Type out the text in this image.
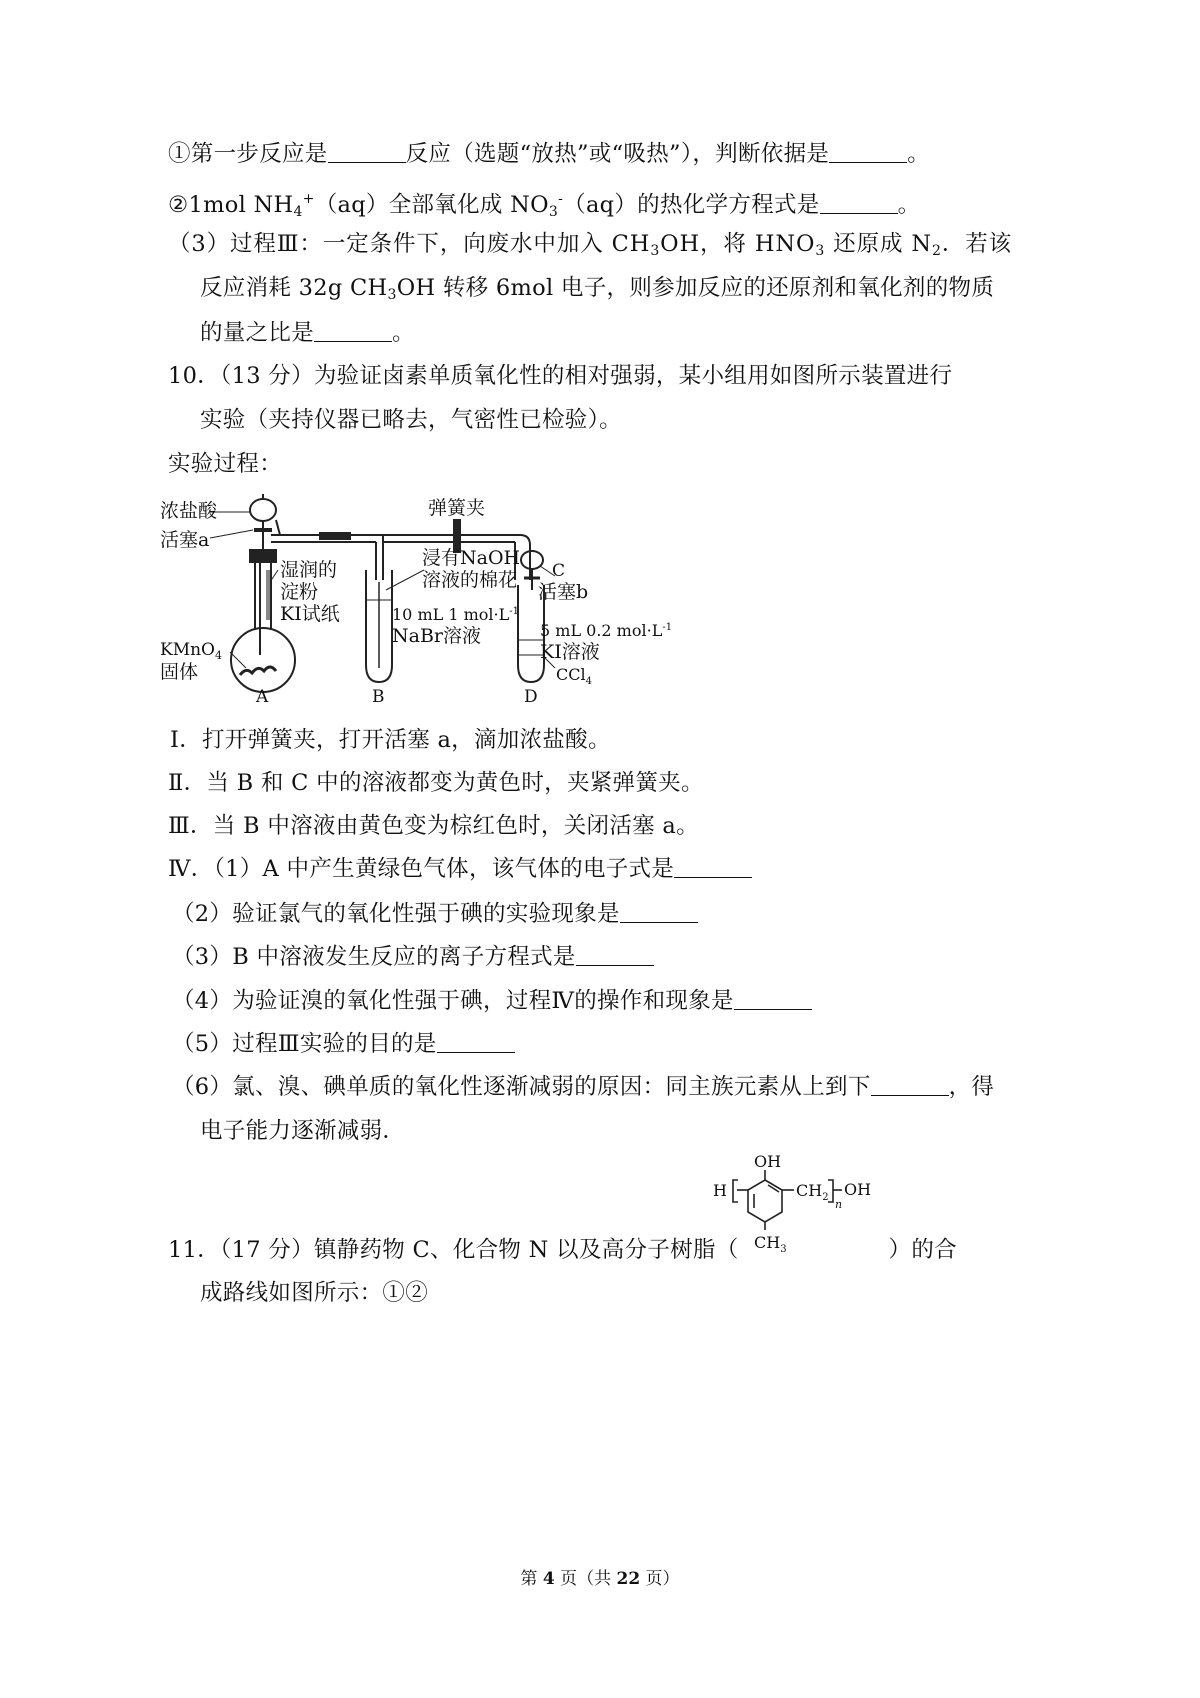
①第一步反应是	反应（选题“放热”或“吸热”），判断依据是	。
②1mol $NH_4^+(aq)$全部氧化成 $NO_3^-(aq)$的热化学方程式是	。
（3）过程Ⅲ：一定条件下，向废水中加入 $CH_3OH$，将 $HNO_3$ 还原成 $N_2$．若该
反应消耗 32g $CH_3OH$ 转移 6mol 电子，则参加反应的还原剂和氧化剂的物质
的量之比是	。
10．（13 分）为验证卤素单质氧化性的相对强弱，某小组用如图所示装置进行
实验（夹持仪器已略去，气密性已检验）。
实验过程：
浓盐酸
活塞a
湿润的
淀粉
KI试纸
KMnO$_4$
固体
A
弹簧夹
浸有NaOH
溶液的棉花 C
活塞b
10 mL 1 $mol\cdot L^{-1}$
NaBr溶液
B
5 mL 0.2 $mol\cdot L^{-1}$
KI溶液
CCl$_4$
D
Ⅰ．打开弹簧夹，打开活塞 a，滴加浓盐酸。
Ⅱ．当 B 和 C 中的溶液都变为黄色时，夹紧弹簧夹。
Ⅲ．当 B 中溶液由黄色变为棕红色时，关闭活塞 a。
Ⅳ．（1）A 中产生黄绿色气体，该气体的电子式是
（2）验证氯气的氧化性强于碘的实验现象是
（3）B 中溶液发生反应的离子方程式是
（4）为验证溴的氧化性强于碘，过程Ⅳ的操作和现象是
（5）过程Ⅲ实验的目的是
（6）氯、溴、碘单质的氧化性逐渐减弱的原因：同主族元素从上到下	，得
电子能力逐渐减弱．
OH
H	$CH_2$
n
OH
$CH_3$
11．（17 分）镇静药物 C、化合物 N 以及高分子树脂（	）的合
成路线如图所示：①②
第 4 页（共 22 页）
